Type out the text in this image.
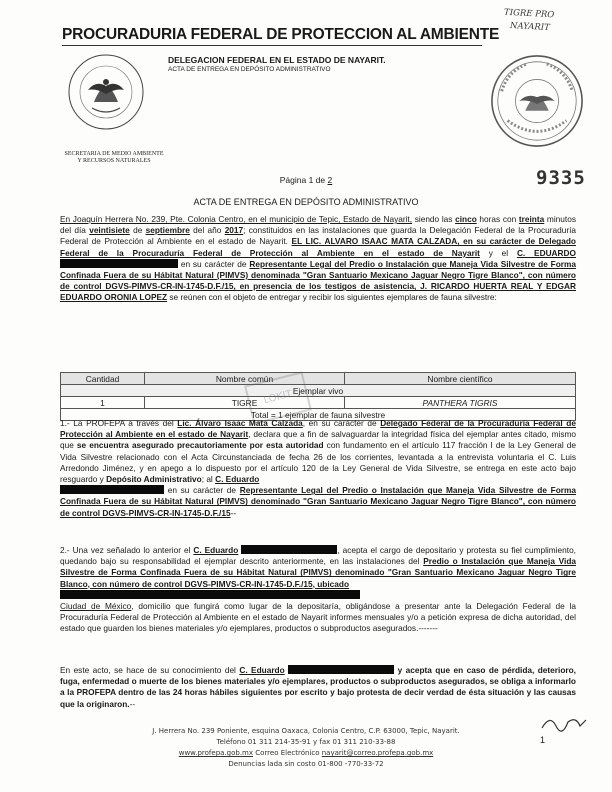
TIGRE PRO
NAYARIT
PROCURADURIA FEDERAL DE PROTECCION AL AMBIENTE
DELEGACION FEDERAL EN EL ESTADO DE NAYARIT.
ACTA DE ENTREGA EN DEPÓSITO ADMINISTRATIVO
SECRETARIA DE MEDIO AMBIENTE
Y RECURSOS NATURALES
Página 1 de 2	9335
ACTA DE ENTREGA EN DEPÓSITO ADMINISTRATIVO
En Joaquín Herrera No. 239, Pte. Colonia Centro, en el municipio de Tepic, Estado de Nayarit, siendo las cinco horas con treinta minutos del día veintisiete de septiembre del año 2017; constituidos en las instalaciones que guarda la Delegación Federal de la Procuraduría Federal de Protección al Ambiente en el estado de Nayarit. EL LIC. ALVARO ISAAC MATA CALZADA, en su carácter de Delegado Federal de la Procuraduría Federal de Protección al Ambiente en el estado de Nayarit y el C. EDUARDO  en su carácter de Representante Legal del Predio o Instalación que Maneja Vida Silvestre de Forma Confinada Fuera de su Hábitat Natural (PIMVS) denominada "Gran Santuario Mexicano Jaguar Negro Tigre Blanco", con número de control DGVS-PIMVS-CR-IN-1745-D.F./15, en presencia de los testigos de asistencia, J. RICARDO HUERTA REAL Y EDGAR EDUARDO ORONIA LOPEZ se reúnen con el objeto de entregar y recibir los siguientes ejemplares de fauna silvestre:
Cantidad	Nombre común	Nombre científico
Ejemplar vivo		
1	TIGRE	PANTHERA TIGRIS
Total = 1 ejemplar de fauna silvestre		
LOKIT
1.- La PROFEPA a través del Lic. Álvaro Isaac Mata Calzada, en su carácter de Delegado Federal de la Procuraduría Federal de Protección al Ambiente en el estado de Nayarit, declara que a fin de salvaguardar la integridad física del ejemplar antes citado, mismo que se encuentra asegurado precautoriamente por esta autoridad con fundamento en el artículo 117 fracción I de la Ley General de Vida Silvestre relacionado con el Acta Circunstanciada de fecha 26 de los corrientes, levantada a la entrevista voluntaria el C. Luis Arredondo Jiménez, y en apego a lo dispuesto por el artículo 120 de la Ley General de Vida Silvestre, se entrega en este acto bajo resguardo y Depósito Administrativo; al C. Eduardo
en su carácter de Representante Legal del Predio o Instalación que Maneja Vida Silvestre de Forma Confinada Fuera de su Hábitat Natural (PIMVS) denominado "Gran Santuario Mexicano Jaguar Negro Tigre Blanco", con número de control DGVS-PIMVS-CR-IN-1745-D.F./15--
2.- Una vez señalado lo anterior el C. Eduardo	, acepta el cargo de depositario y protesta su fiel cumplimiento, quedando bajo su responsabilidad el ejemplar descrito anteriormente, en las instalaciones del Predio o Instalación que Maneja Vida Silvestre de Forma Confinada Fuera de su Hábitat Natural (PIMVS) denominado "Gran Santuario Mexicano Jaguar Negro Tigre Blanco, con número de control DGVS-PIMVS-CR-IN-1745-D.F./15, ubicado

Ciudad de México, domicilio que fungirá como lugar de la depositaría, obligándose a presentar ante la Delegación Federal de la Procuraduría Federal de Protección al Ambiente en el estado de Nayarit informes mensuales y/o a petición expresa de dicha autoridad, del estado que guarden los bienes materiales y/o ejemplares, productos o subproductos asegurados.-------
En este acto, se hace de su conocimiento del C. Eduardo	y acepta que en caso de pérdida, deterioro, fuga, enfermedad o muerte de los bienes materiales y/o ejemplares, productos o subproductos asegurados, se obliga a informarlo a la PROFEPA dentro de las 24 horas hábiles siguientes por escrito y bajo protesta de decir verdad de ésta situación y las causas que la originaron.--
1
J. Herrera No. 239 Poniente, esquina Oaxaca, Colonia Centro, C.P. 63000, Tepic, Nayarit.
Teléfono 01 311 214-35-91 y fax 01 311 210-33-88
www.profepa.gob.mx Correo Electrónico nayarit@correo.profepa.gob.mx
Denuncias lada sin costo 01-800 -770-33-72
